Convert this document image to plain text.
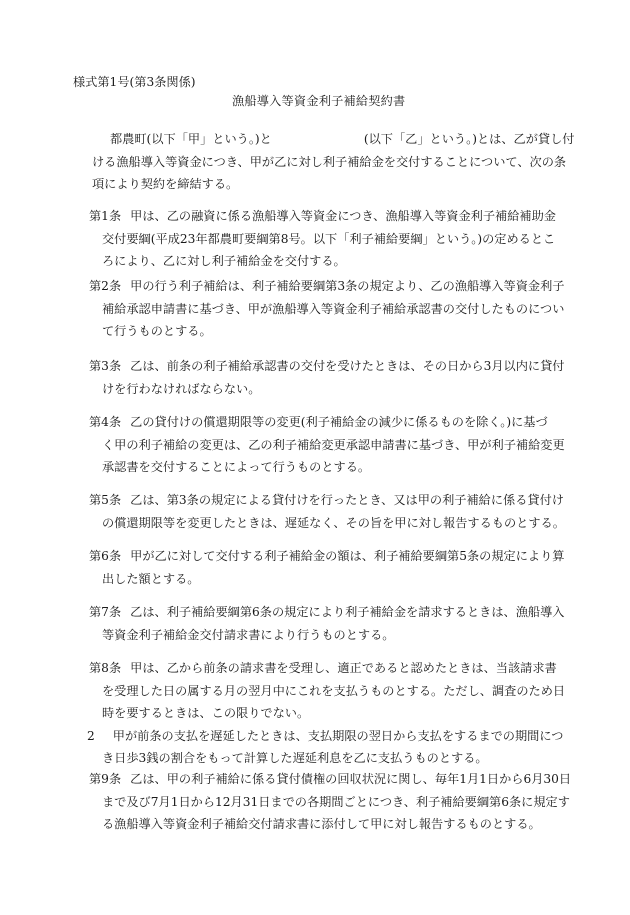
様式第1号(第3条関係)
漁船導入等資金利子補給契約書
都農町(以下「甲」という。)と	(以下「乙」という。)とは、乙が貸し付
ける漁船導入等資金につき、甲が乙に対し利子補給金を交付することについて、次の条
項により契約を締結する。
第1条 甲は、乙の融資に係る漁船導入等資金につき、漁船導入等資金利子補給補助金
交付要綱(平成23年都農町要綱第8号。以下「利子補給要綱」という。)の定めるとこ
ろにより、乙に対し利子補給金を交付する。
第2条 甲の行う利子補給は、利子補給要綱第3条の規定より、乙の漁船導入等資金利子
補給承認申請書に基づき、甲が漁船導入等資金利子補給承認書の交付したものについ
て行うものとする。
第3条 乙は、前条の利子補給承認書の交付を受けたときは、その日から3月以内に貸付
けを行わなければならない。
第4条 乙の貸付けの償還期限等の変更(利子補給金の減少に係るものを除く。)に基づ
く甲の利子補給の変更は、乙の利子補給変更承認申請書に基づき、甲が利子補給変更
承認書を交付することによって行うものとする。
第5条 乙は、第3条の規定による貸付けを行ったとき、又は甲の利子補給に係る貸付け
の償還期限等を変更したときは、遅延なく、その旨を甲に対し報告するものとする。
第6条 甲が乙に対して交付する利子補給金の額は、利子補給要綱第5条の規定により算
出した額とする。
第7条 乙は、利子補給要綱第6条の規定により利子補給金を請求するときは、漁船導入
等資金利子補給金交付請求書により行うものとする。
第8条 甲は、乙から前条の請求書を受理し、適正であると認めたときは、当該請求書
を受理した日の属する月の翌月中にこれを支払うものとする。ただし、調査のため日
時を要するときは、この限りでない。
2 甲が前条の支払を遅延したときは、支払期限の翌日から支払をするまでの期間につ
き日歩3銭の割合をもって計算した遅延利息を乙に支払うものとする。
第9条 乙は、甲の利子補給に係る貸付債権の回収状況に関し、毎年1月1日から6月30日
まで及び7月1日から12月31日までの各期間ごとにつき、利子補給要綱第6条に規定す
る漁船導入等資金利子補給交付請求書に添付して甲に対し報告するものとする。
